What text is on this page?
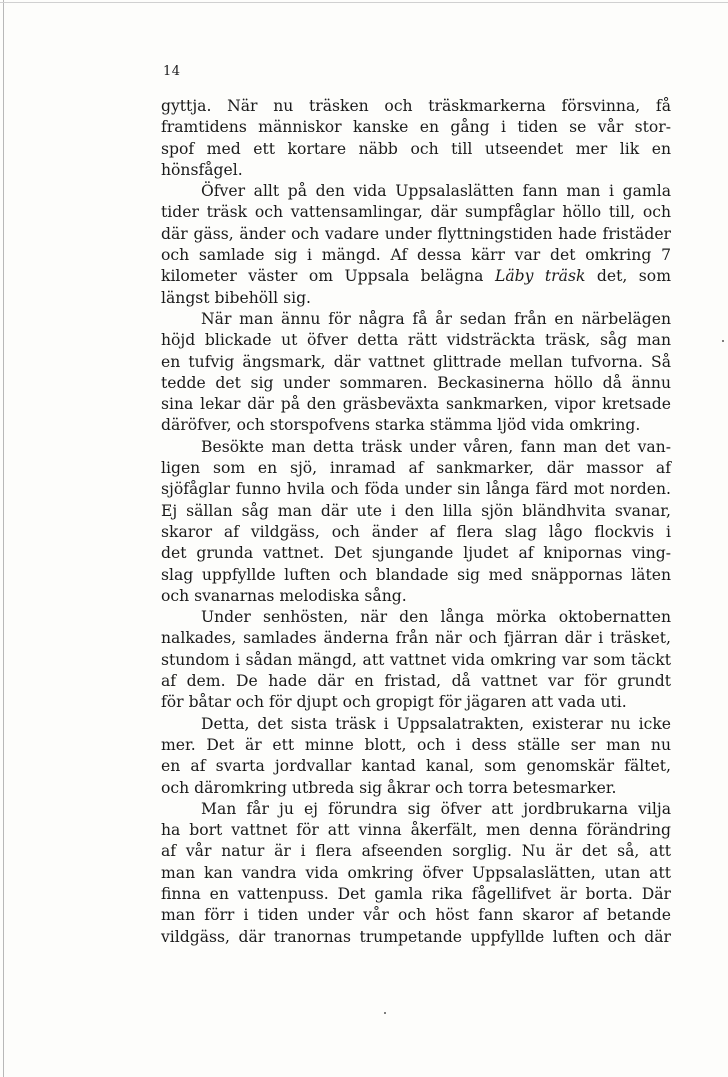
14
gyttja. När nu träsken och träskmarkerna försvinna, få
framtidens människor kanske en gång i tiden se vår stor-
spof med ett kortare näbb och till utseendet mer lik en
hönsfågel.
Öfver allt på den vida Uppsalaslätten fann man i gamla
tider träsk och vattensamlingar, där sumpfåglar höllo till, och
där gäss, änder och vadare under flyttningstiden hade fristäder
och samlade sig i mängd. Af dessa kärr var det omkring 7
kilometer väster om Uppsala belägna Läby träsk det, som
längst bibehöll sig.
När man ännu för några få år sedan från en närbelägen
höjd blickade ut öfver detta rätt vidsträckta träsk, såg man
en tufvig ängsmark, där vattnet glittrade mellan tufvorna. Så
tedde det sig under sommaren. Beckasinerna höllo då ännu
sina lekar där på den gräsbeväxta sankmarken, vipor kretsade
däröfver, och storspofvens starka stämma ljöd vida omkring.
Besökte man detta träsk under våren, fann man det van-
ligen som en sjö, inramad af sankmarker, där massor af
sjöfåglar funno hvila och föda under sin långa färd mot norden.
Ej sällan såg man där ute i den lilla sjön bländhvita svanar,
skaror af vildgäss, och änder af flera slag lågo flockvis i
det grunda vattnet. Det sjungande ljudet af knipornas ving-
slag uppfyllde luften och blandade sig med snäppornas läten
och svanarnas melodiska sång.
Under senhösten, när den långa mörka oktobernatten
nalkades, samlades änderna från när och fjärran där i träsket,
stundom i sådan mängd, att vattnet vida omkring var som täckt
af dem. De hade där en fristad, då vattnet var för grundt
för båtar och för djupt och gropigt för jägaren att vada uti.
Detta, det sista träsk i Uppsalatrakten, existerar nu icke
mer. Det är ett minne blott, och i dess ställe ser man nu
en af svarta jordvallar kantad kanal, som genomskär fältet,
och däromkring utbreda sig åkrar och torra betesmarker.
Man får ju ej förundra sig öfver att jordbrukarna vilja
ha bort vattnet för att vinna åkerfält, men denna förändring
af vår natur är i flera afseenden sorglig. Nu är det så, att
man kan vandra vida omkring öfver Uppsalaslätten, utan att
finna en vattenpuss. Det gamla rika fågellifvet är borta. Där
man förr i tiden under vår och höst fann skaror af betande
vildgäss, där tranornas trumpetande uppfyllde luften och där
